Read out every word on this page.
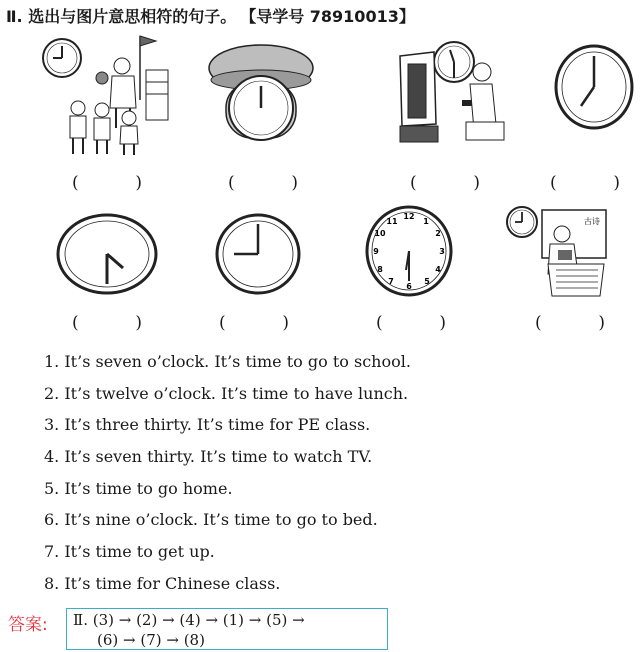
Ⅱ. 选出与图片意思相符的句子。 【导学号 78910013】
(	)	(	)	(	)	(	)
12
1
2
3
4
5
6
7
8
9
10
11	古诗
(	)	(	)	(	)	(	)
1. It’s seven o’clock. It’s time to go to school.
2. It’s twelve o’clock. It’s time to have lunch.
3. It’s three thirty. It’s time for PE class.
4. It’s seven thirty. It’s time to watch TV.
5. It’s time to go home.
6. It’s nine o’clock. It’s time to go to bed.
7. It’s time to get up.
8. It’s time for Chinese class.
答案: Ⅱ. (3) → (2) → (4) → (1) → (5) →
(6) → (7) → (8)
